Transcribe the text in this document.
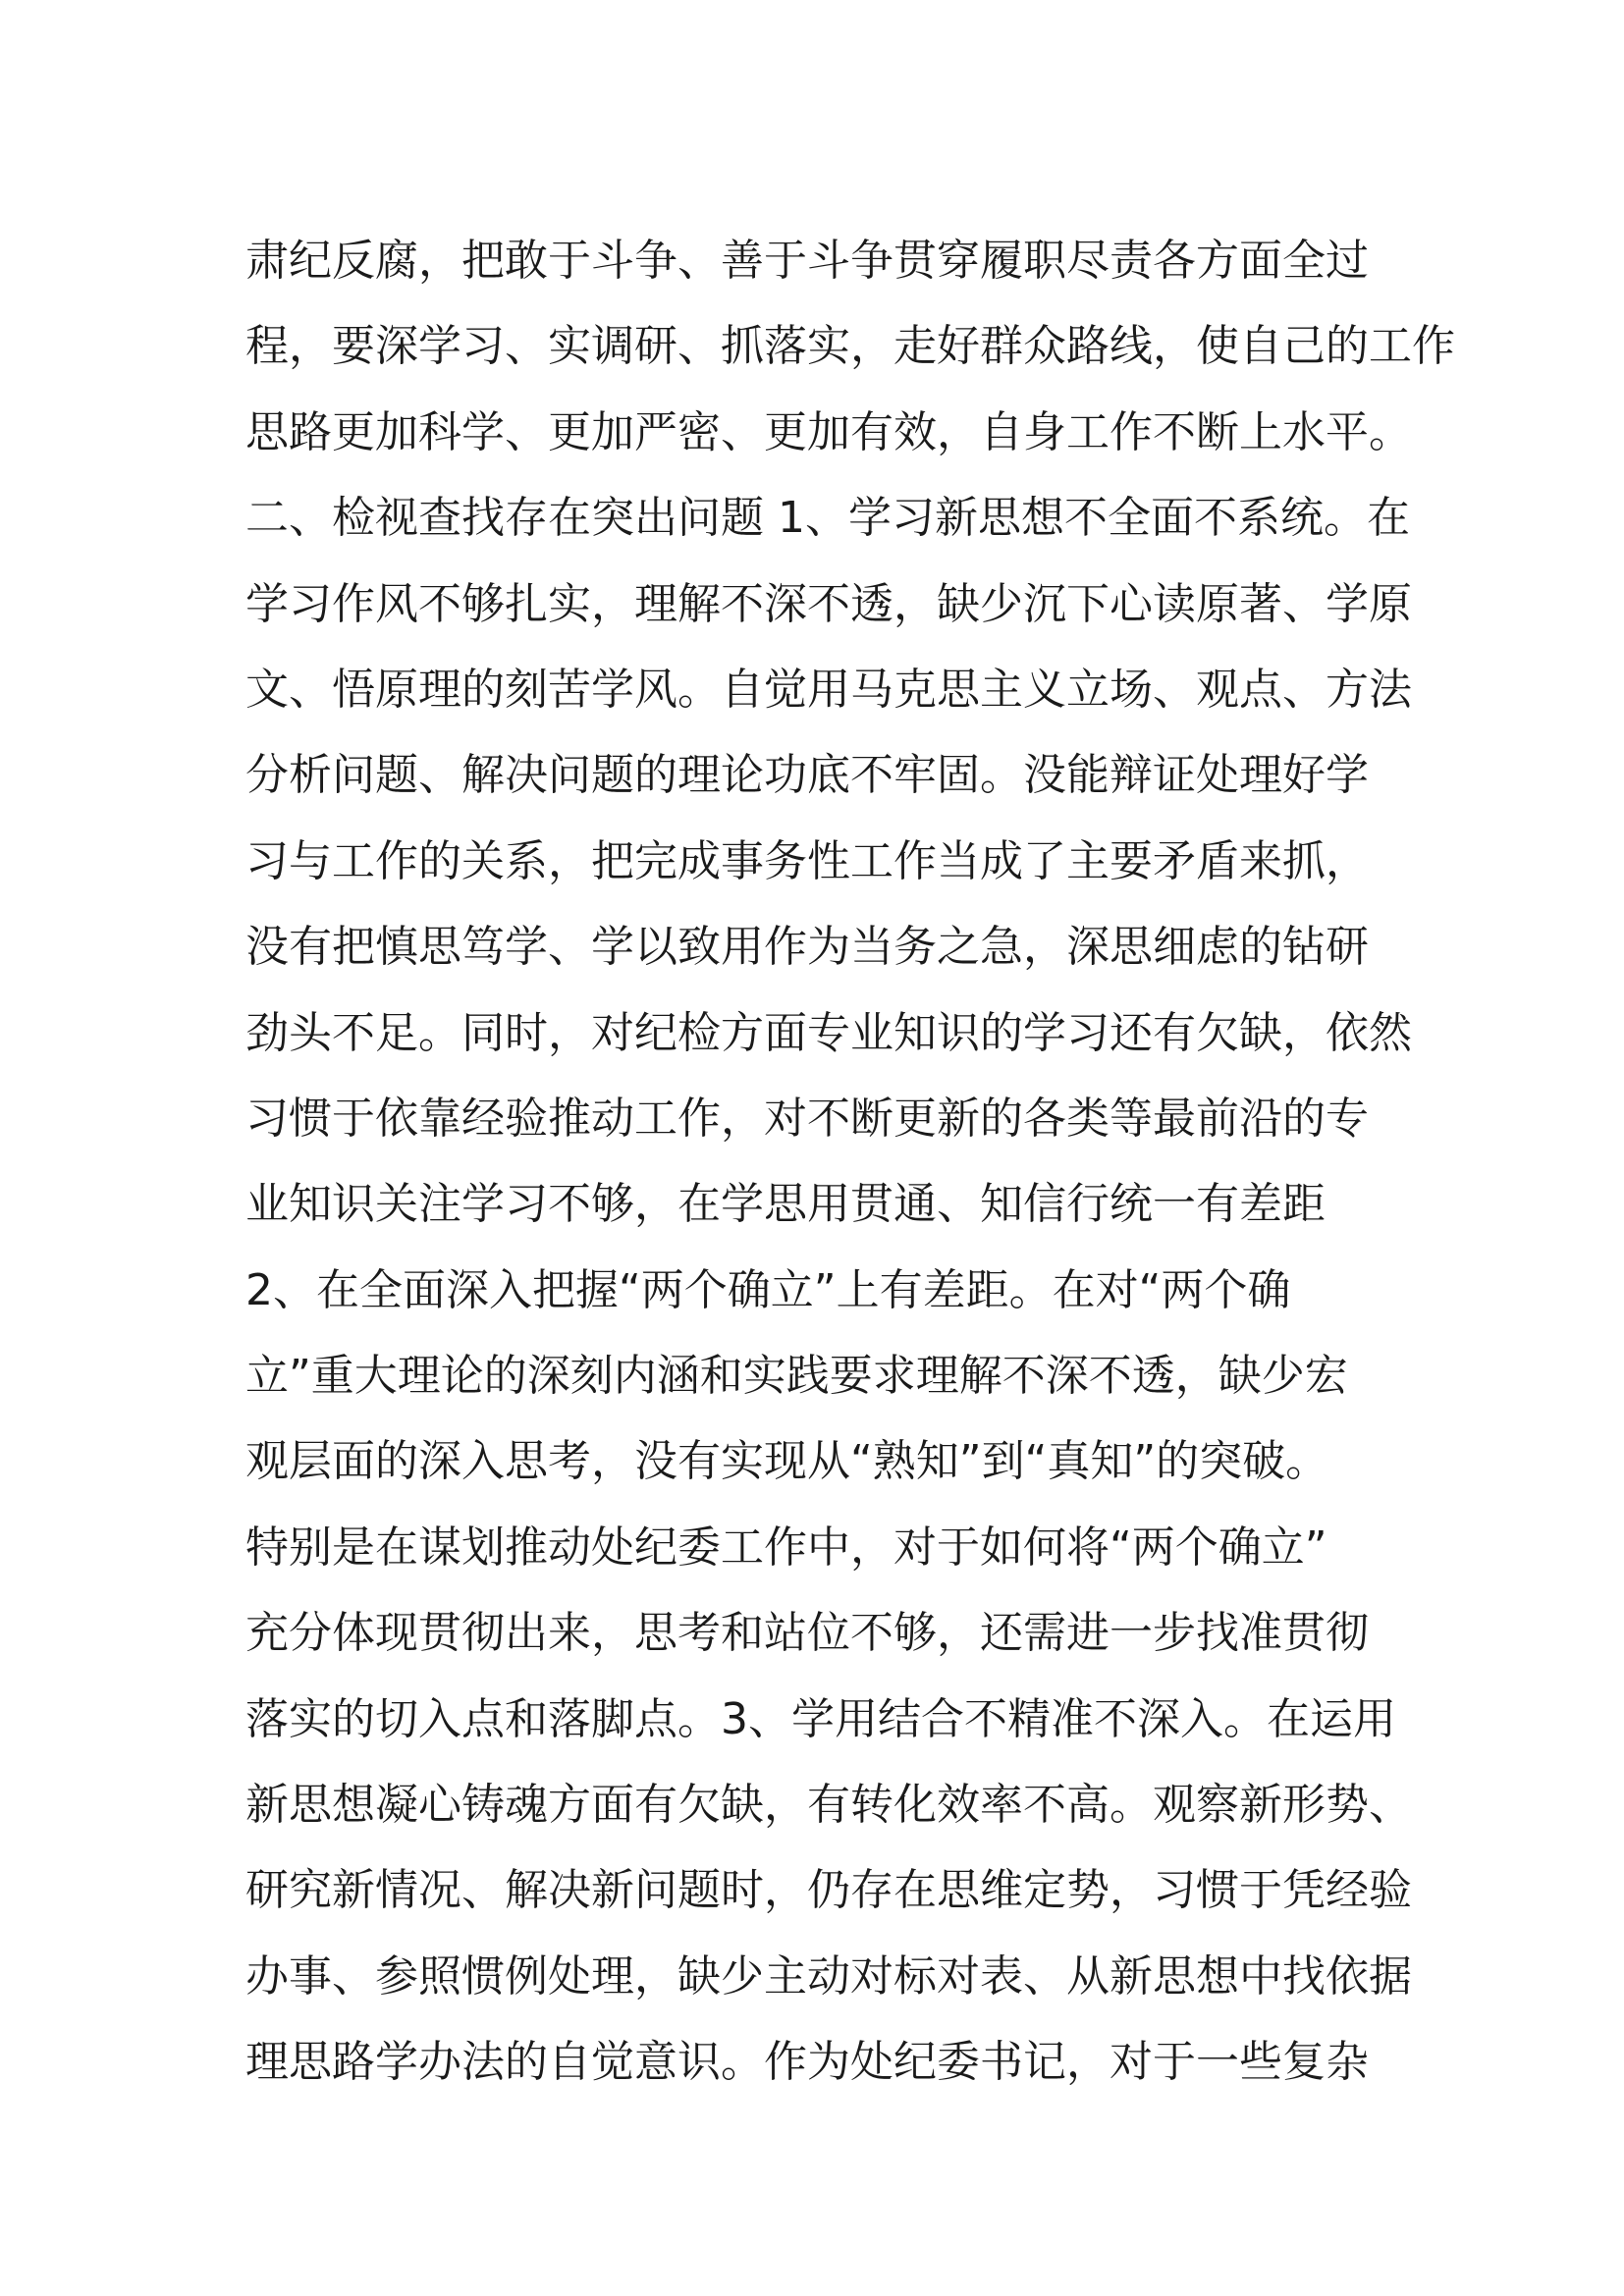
肃纪反腐，把敢于斗争、善于斗争贯穿履职尽责各方面全过
程，要深学习、实调研、抓落实，走好群众路线，使自己的工作
思路更加科学、更加严密、更加有效，自身工作不断上水平。
二、检视查找存在突出问题 1、学习新思想不全面不系统。在
学习作风不够扎实，理解不深不透，缺少沉下心读原著、学原
文、悟原理的刻苦学风。自觉用马克思主义立场、观点、方法
分析问题、解决问题的理论功底不牢固。没能辩证处理好学
习与工作的关系，把完成事务性工作当成了主要矛盾来抓，
没有把慎思笃学、学以致用作为当务之急，深思细虑的钻研
劲头不足。同时，对纪检方面专业知识的学习还有欠缺，依然
习惯于依靠经验推动工作，对不断更新的各类等最前沿的专
业知识关注学习不够，在学思用贯通、知信行统一有差距
2、在全面深入把握“两个确立”上有差距。在对“两个确
立”重大理论的深刻内涵和实践要求理解不深不透，缺少宏
观层面的深入思考，没有实现从“熟知”到“真知”的突破。
特别是在谋划推动处纪委工作中，对于如何将“两个确立”
充分体现贯彻出来，思考和站位不够，还需进一步找准贯彻
落实的切入点和落脚点。3、学用结合不精准不深入。在运用
新思想凝心铸魂方面有欠缺，有转化效率不高。观察新形势、
研究新情况、解决新问题时，仍存在思维定势，习惯于凭经验
办事、参照惯例处理，缺少主动对标对表、从新思想中找依据
理思路学办法的自觉意识。作为处纪委书记，对于一些复杂
